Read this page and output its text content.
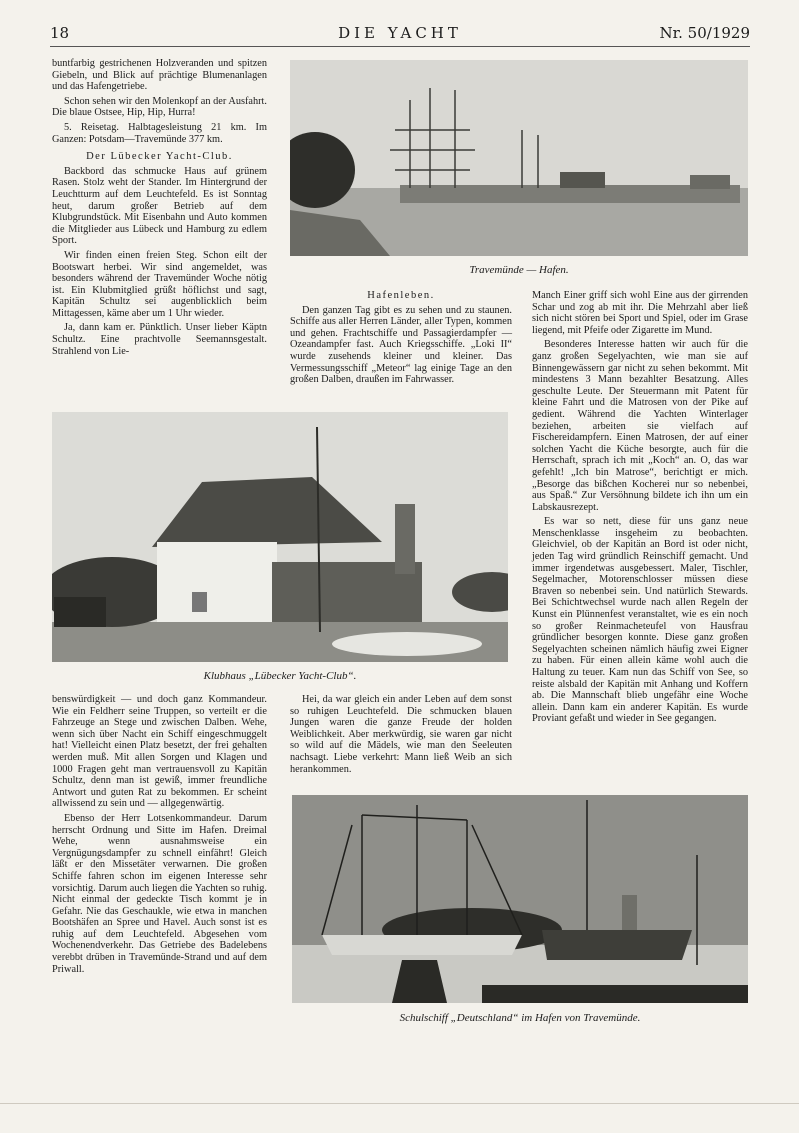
DIE YACHT
18	Nr. 50/1929

buntfarbig gestrichenen Holzveranden und spitzen Giebeln, und Blick auf prächtige Blumenanlagen und das Hafengetriebe.

Schon sehen wir den Molenkopf an der Ausfahrt. Die blaue Ostsee, Hip, Hip, Hurra!

5. Reisetag. Halbtagesleistung 21 km. Im Ganzen: Potsdam—Travemünde 377 km.

Der Lübecker Yacht-Club.

Backbord das schmucke Haus auf grünem Rasen. Stolz weht der Stander. Im Hintergrund der Leuchtturm auf dem Leuchtefeld. Es ist Sonntag heut, darum großer Betrieb auf dem Klubgrundstück. Mit Eisenbahn und Auto kommen die Mitglieder aus Lübeck und Hamburg zu edlem Sport.

Wir finden einen freien Steg. Schon eilt der Bootswart herbei. Wir sind angemeldet, was besonders während der Travemünder Woche nötig ist. Ein Klubmitglied grüßt höflichst und sagt, Kapitän Schultz sei augenblicklich beim Mittagessen, käme aber um 1 Uhr wieder.

Ja, dann kam er. Pünktlich. Unser lieber Käptn Schultz. Eine prachtvolle Seemannsgestalt. Strahlend von Lie-

Travemünde — Hafen.
Hafenleben.

Den ganzen Tag gibt es zu sehen und zu staunen. Schiffe aus aller Herren Länder, aller Typen, kommen und gehen. Frachtschiffe und Passagierdampfer — Ozeandampfer fast. Auch Kriegsschiffe. „Loki II“ wurde zusehends kleiner und kleiner. Das Vermessungsschiff „Meteor“ lag einige Tage an den großen Dalben, draußen im Fahrwasser.

Manch Einer griff sich wohl Eine aus der girrenden Schar und zog ab mit ihr. Die Mehrzahl aber ließ sich nicht stören bei Sport und Spiel, oder im Grase liegend, mit Pfeife oder Zigarette im Mund.

Besonderes Interesse hatten wir auch für die ganz großen Segelyachten, wie man sie auf Binnengewässern gar nicht zu sehen bekommt. Mit mindestens 3 Mann bezahlter Besatzung. Alles geschulte Leute. Der Steuermann mit Patent für kleine Fahrt und die Matrosen von der Pike auf gedient. Während die Yachten Winterlager beziehen, arbeiten sie vielfach auf Fischereidampfern. Einen Matrosen, der auf einer solchen Yacht die Küche besorgte, auch für die Herrschaft, sprach ich mit „Koch“ an. O, das war gefehlt! „Ich bin Matrose“, berichtigt er mich. „Besorge das bißchen Kocherei nur so nebenbei, aus Spaß.“ Zur Versöhnung bildete ich ihn um ein Labskausrezept.

Es war so nett, diese für uns ganz neue Menschenklasse insgeheim zu beobachten. Gleichviel, ob der Kapitän an Bord ist oder nicht, jeden Tag wird gründlich Reinschiff gemacht. Und immer irgendetwas ausgebessert. Maler, Tischler, Segelmacher, Motorenschlosser müssen diese Braven so nebenbei sein. Und natürlich Stewards. Bei Schichtwechsel wurde nach allen Regeln der Kunst ein Plünnenfest veranstaltet, wie es ein noch so großer Reinmacheteufel von Hausfrau gründlicher besorgen konnte. Diese ganz großen Segelyachten scheinen nämlich häufig zwei Eigner zu haben. Für einen allein käme wohl auch die Haltung zu teuer. Kam nun das Schiff von See, so reiste alsbald der Kapitän mit Anhang und Koffern ab. Die Mannschaft blieb ungefähr eine Woche allein. Dann kam ein anderer Kapitän. Es wurde Proviant gefaßt und wieder in See gegangen.

Klubhaus „Lübecker Yacht-Club“.

benswürdigkeit — und doch ganz Kommandeur. Wie ein Feldherr seine Truppen, so verteilt er die Fahrzeuge an Stege und zwischen Dalben. Wehe, wenn sich über Nacht ein Schiff eingeschmuggelt hat! Vielleicht einen Platz besetzt, der frei gehalten werden muß. Mit allen Sorgen und Klagen und 1000 Fragen geht man vertrauensvoll zu Kapitän Schultz, denn man ist gewiß, immer freundliche Antwort und guten Rat zu bekommen. Er scheint allwissend zu sein und — allgegenwärtig.

Ebenso der Herr Lotsenkommandeur. Darum herrscht Ordnung und Sitte im Hafen. Dreimal Wehe, wenn ausnahmsweise ein Vergnügungsdampfer zu schnell einfährt! Gleich läßt er den Missetäter verwarnen. Die großen Schiffe fahren schon im eigenen Interesse sehr vorsichtig. Darum auch liegen die Yachten so ruhig. Nicht einmal der gedeckte Tisch kommt je in Gefahr. Nie das Geschaukle, wie etwa in manchen Bootshäfen an Spree und Havel. Auch sonst ist es ruhig auf dem Leuchtefeld. Abgesehen vom Wochenendverkehr. Das Getriebe des Badelebens verebbt drüben in Travemünde-Strand und auf dem Priwall.

Hei, da war gleich ein ander Leben auf dem sonst so ruhigen Leuchtefeld. Die schmucken blauen Jungen waren die ganze Freude der holden Weiblichkeit. Aber merkwürdig, sie waren gar nicht so wild auf die Mädels, wie man den Seeleuten nachsagt. Liebe verkehrt: Mann ließ Weib an sich herankommen.

Schulschiff „Deutschland“ im Hafen von Travemünde.
